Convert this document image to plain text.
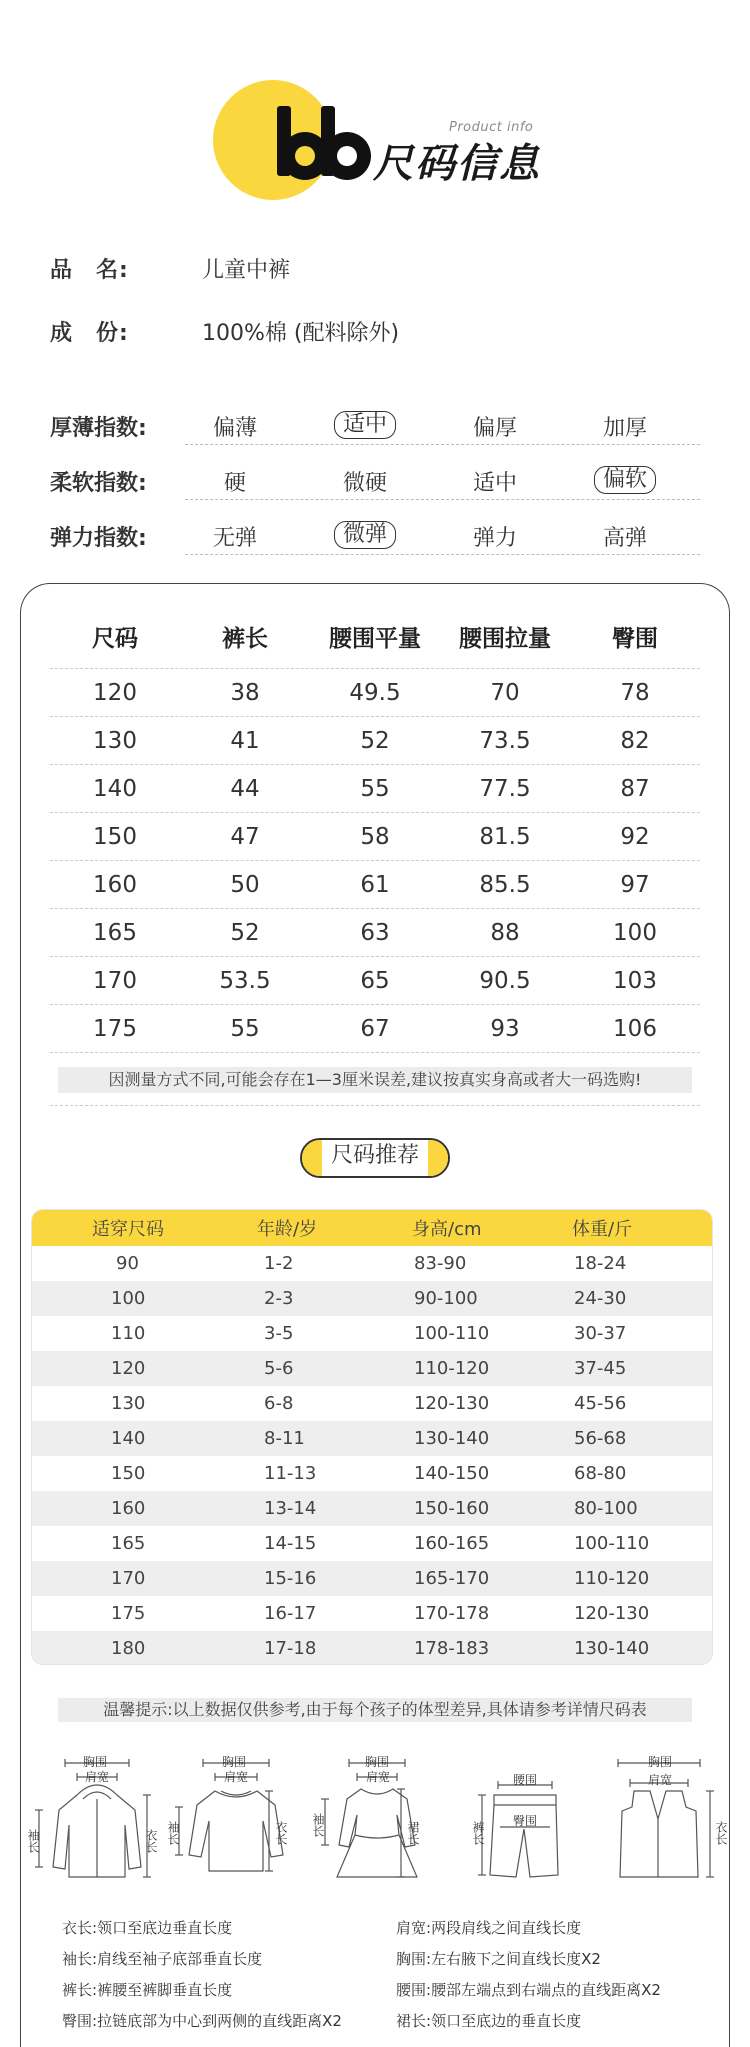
Product info
尺码信息
品　名:	儿童中裤
成　份:	100%棉 (配料除外)
厚薄指数:	偏薄	适中	偏厚	加厚
柔软指数:	硬	微硬	适中	偏软
弹力指数:	无弹	微弹	弹力	高弹
尺码	裤长	腰围平量	腰围拉量	臀围
120	38	49.5	70	78
130	41	52	73.5	82
140	44	55	77.5	87
150	47	58	81.5	92
160	50	61	85.5	97
165	52	63	88	100
170	53.5	65	90.5	103
175	55	67	93	106
因测量方式不同,可能会存在1—3厘米误差,建议按真实身高或者大一码选购!
尺码推荐
适穿尺码	年龄/岁	身高/cm	体重/斤
90	1-2	83-90	18-24
100	2-3	90-100	24-30
110	3-5	100-110	30-37
120	5-6	110-120	37-45
130	6-8	120-130	45-56
140	8-11	130-140	56-68
150	11-13	140-150	68-80
160	13-14	150-160	80-100
165	14-15	160-165	100-110
170	15-16	165-170	110-120
175	16-17	170-178	120-130
180	17-18	178-183	130-140
温馨提示:以上数据仅供参考,由于每个孩子的体型差异,具体请参考详情尺码表
胸围
肩宽
袖长	衣长
胸围
肩宽
袖长	衣长
胸围
肩宽
袖长	裙长
腰围
臀围
裤长
胸围
肩宽
衣长
衣长:领口至底边垂直长度	肩宽:两段肩线之间直线长度
袖长:肩线至袖子底部垂直长度	胸围:左右腋下之间直线长度X2
裤长:裤腰至裤脚垂直长度	腰围:腰部左端点到右端点的直线距离X2
臀围:拉链底部为中心到两侧的直线距离X2	裙长:领口至底边的垂直长度
